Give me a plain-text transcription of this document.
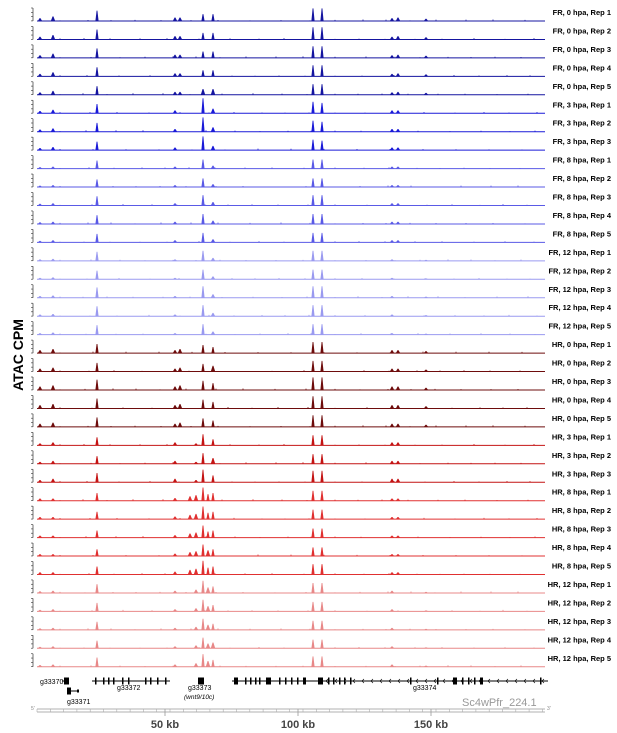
ATAC CPM
FR, 0 hpa, Rep 1
FR, 0 hpa, Rep 2
FR, 0 hpa, Rep 3
FR, 0 hpa, Rep 4
FR, 0 hpa, Rep 5
FR, 3 hpa, Rep 1
FR, 3 hpa, Rep 2
FR, 3 hpa, Rep 3
FR, 8 hpa, Rep 1
FR, 8 hpa, Rep 2
FR, 8 hpa, Rep 3
FR, 8 hpa, Rep 4
FR, 8 hpa, Rep 5
FR, 12 hpa, Rep 1
FR, 12 hpa, Rep 2
FR, 12 hpa, Rep 3
FR, 12 hpa, Rep 4
FR, 12 hpa, Rep 5
HR, 0 hpa, Rep 1
HR, 0 hpa, Rep 2
HR, 0 hpa, Rep 3
HR, 0 hpa, Rep 4
HR, 0 hpa, Rep 5
HR, 3 hpa, Rep 1
HR, 3 hpa, Rep 2
HR, 3 hpa, Rep 3
HR, 8 hpa, Rep 1
HR, 8 hpa, Rep 2
HR, 8 hpa, Rep 3
HR, 8 hpa, Rep 4
HR, 8 hpa, Rep 5
HR, 12 hpa, Rep 1
HR, 12 hpa, Rep 2
HR, 12 hpa, Rep 3
HR, 12 hpa, Rep 4
HR, 12 hpa, Rep 5
g33370
g33371
g33372	g33373
(wnt9/10c)
g33374
5'	3'
Sc4wPfr_224.1
50 kb	100 kb	150 kb
